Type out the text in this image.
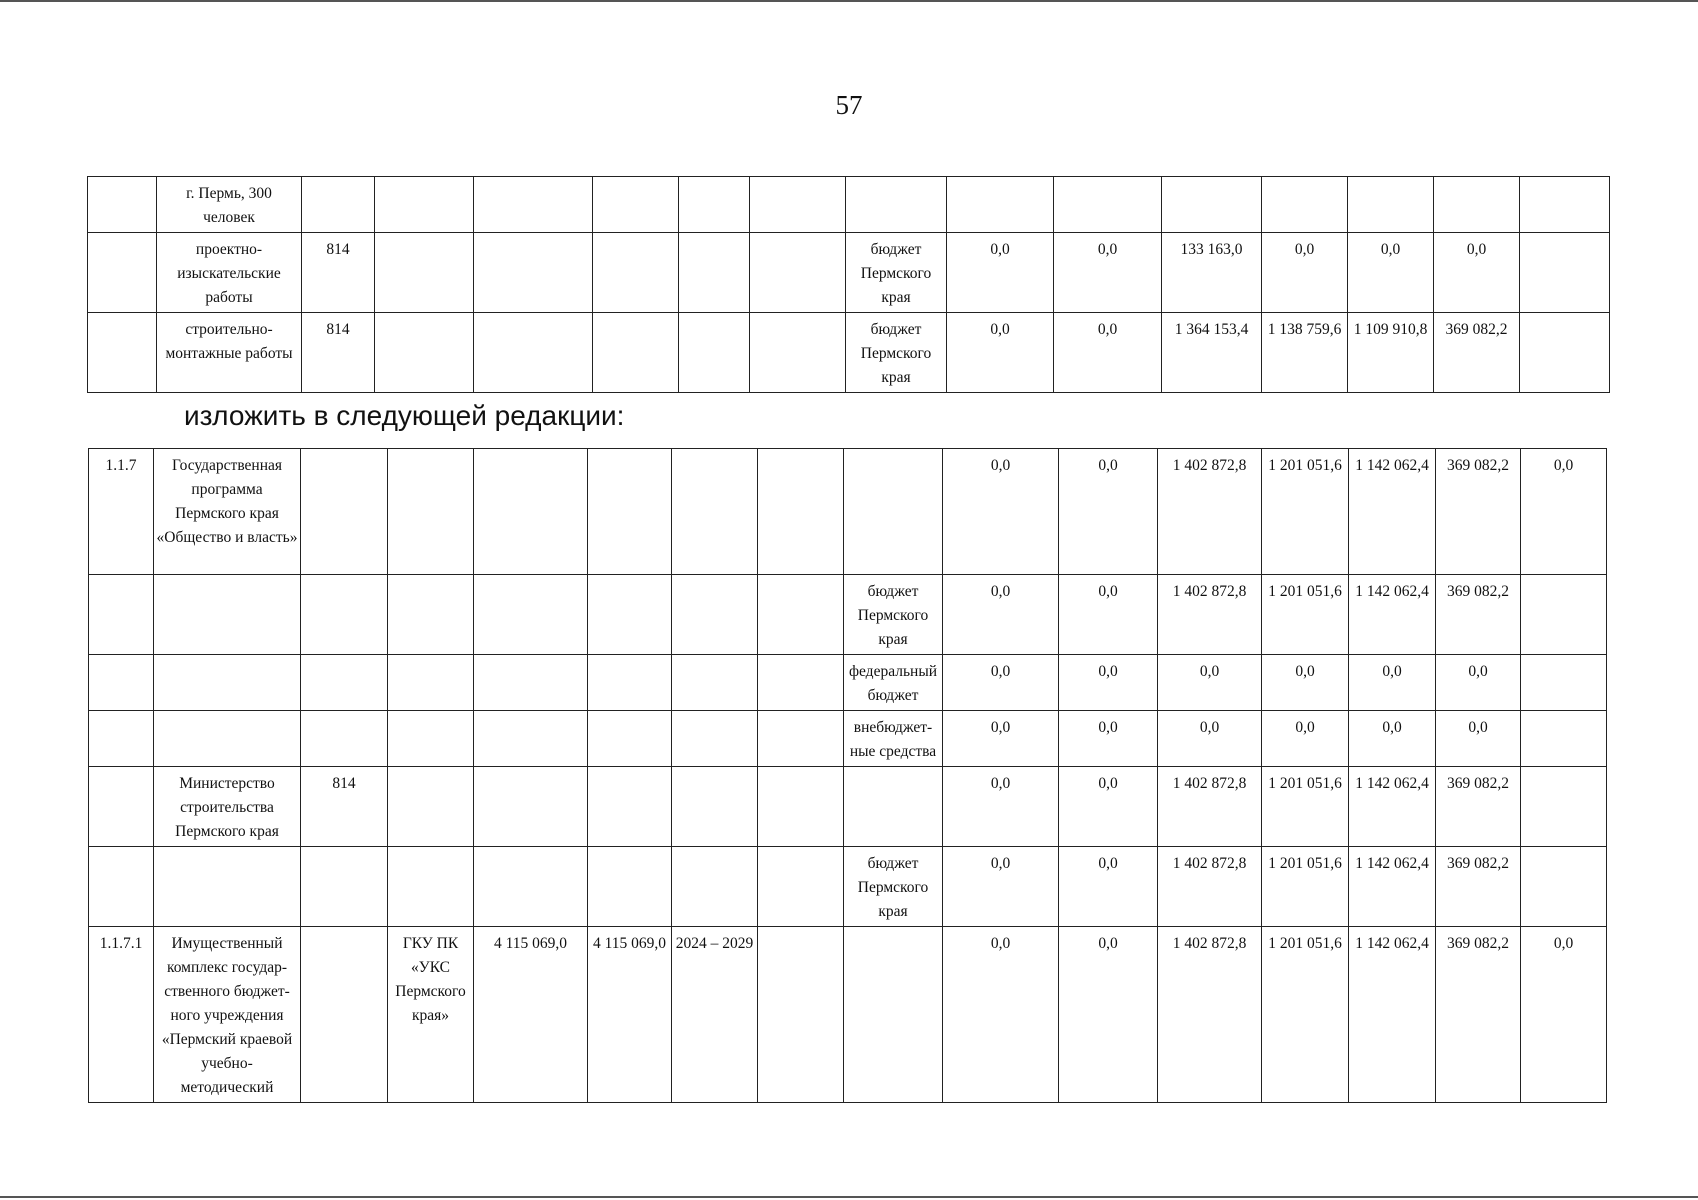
57
	г. Пермь, 300 человек														
	проектно-изыскательские работы	814						бюджет Пермского края	0,0	0,0	133 163,0	0,0	0,0	0,0	
	строительно-монтажные работы	814						бюджет Пермского края	0,0	0,0	1 364 153,4	1 138 759,6	1 109 910,8	369 082,2	
изложить в следующей редакции:
1.1.7	Государственная программа Пермского края «Общество и власть»								0,0	0,0	1 402 872,8	1 201 051,6	1 142 062,4	369 082,2	0,0
								бюджет Пермского края	0,0	0,0	1 402 872,8	1 201 051,6	1 142 062,4	369 082,2	
								федеральный бюджет	0,0	0,0	0,0	0,0	0,0	0,0	
								внебюджет-ные средства	0,0	0,0	0,0	0,0	0,0	0,0	
	Министерство строительства Пермского края	814							0,0	0,0	1 402 872,8	1 201 051,6	1 142 062,4	369 082,2	
								бюджет Пермского края	0,0	0,0	1 402 872,8	1 201 051,6	1 142 062,4	369 082,2	
1.1.7.1	Имущественный комплекс государ-ственного бюджет-ного учреждения «Пермский краевой учебно-методический		ГКУ ПК «УКС Пермского края»	4 115 069,0	4 115 069,0	2024 – 2029			0,0	0,0	1 402 872,8	1 201 051,6	1 142 062,4	369 082,2	0,0
